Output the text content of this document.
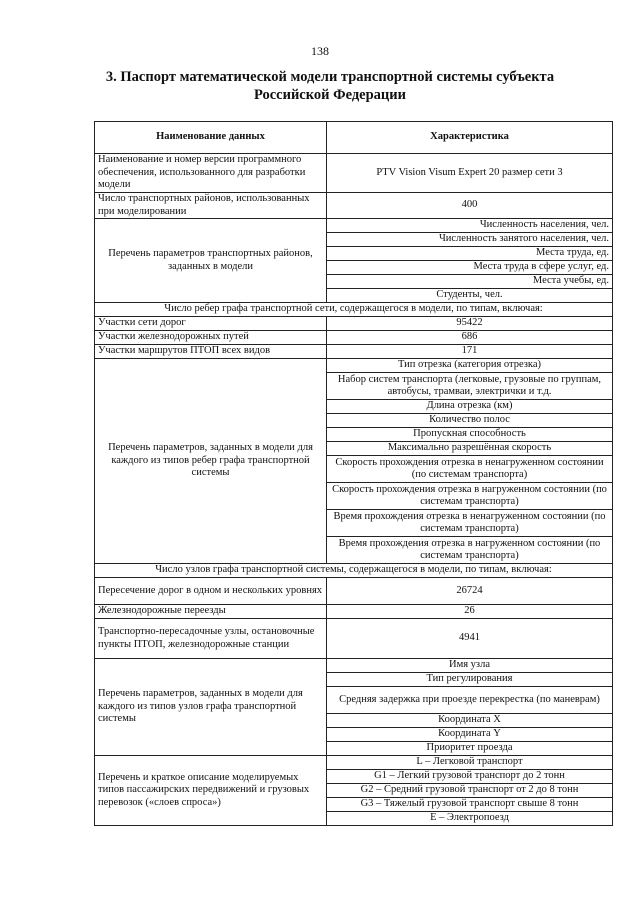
138
3. Паспорт математической модели транспортной системы субъекта
Российской Федерации
Наименование данных	Характеристика
Наименование и номер версии программного обеспечения, использованного для разработки модели	PTV Vision Visum Expert 20 размер сети 3
Число транспортных районов, использованных при моделировании	400
Перечень параметров транспортных районов, заданных в модели	Численность населения, чел.
	Численность занятого населения, чел.
	Места труда, ед.
	Места труда в сфере услуг, ед.
	Места учебы, ед.
	Студенты, чел.
Число ребер графа транспортной сети, содержащегося в модели, по типам, включая:	
Участки сети дорог	95422
Участки железнодорожных путей	686
Участки маршрутов ПТОП всех видов	171
Перечень параметров, заданных в модели для каждого из типов ребер графа транспортной системы	Тип отрезка (категория отрезка)
	Набор систем транспорта (легковые, грузовые по группам, автобусы, трамваи, электрички и т.д.
	Длина отрезка (км)
	Количество полос
	Пропускная способность
	Максимально разрешённая скорость
	Скорость прохождения отрезка в ненагруженном состоянии (по системам транспорта)
	Скорость прохождения отрезка в нагруженном состоянии (по системам транспорта)
	Время прохождения отрезка в ненагруженном состоянии (по системам транспорта)
	Время прохождения отрезка в нагруженном состоянии (по системам транспорта)
Число узлов графа транспортной системы, содержащегося в модели, по типам, включая:	
Пересечение дорог в одном и нескольких уровнях	26724
Железнодорожные переезды	26
Транспортно-пересадочные узлы, остановочные пункты ПТОП, железнодорожные станции	4941
Перечень параметров, заданных в модели для каждого из типов узлов графа транспортной системы	Имя узла
	Тип регулирования
	Средняя задержка при проезде перекрестка (по маневрам)
	Координата X
	Координата Y
	Приоритет проезда
Перечень и краткое описание моделируемых типов пассажирских передвижений и грузовых перевозок («слоев спроса»)	L – Легковой транспорт
	G1 – Легкий грузовой транспорт до 2 тонн
	G2 – Средний грузовой транспорт от 2 до 8 тонн
	G3 – Тяжелый грузовой транспорт свыше 8 тонн
	E – Электропоезд
